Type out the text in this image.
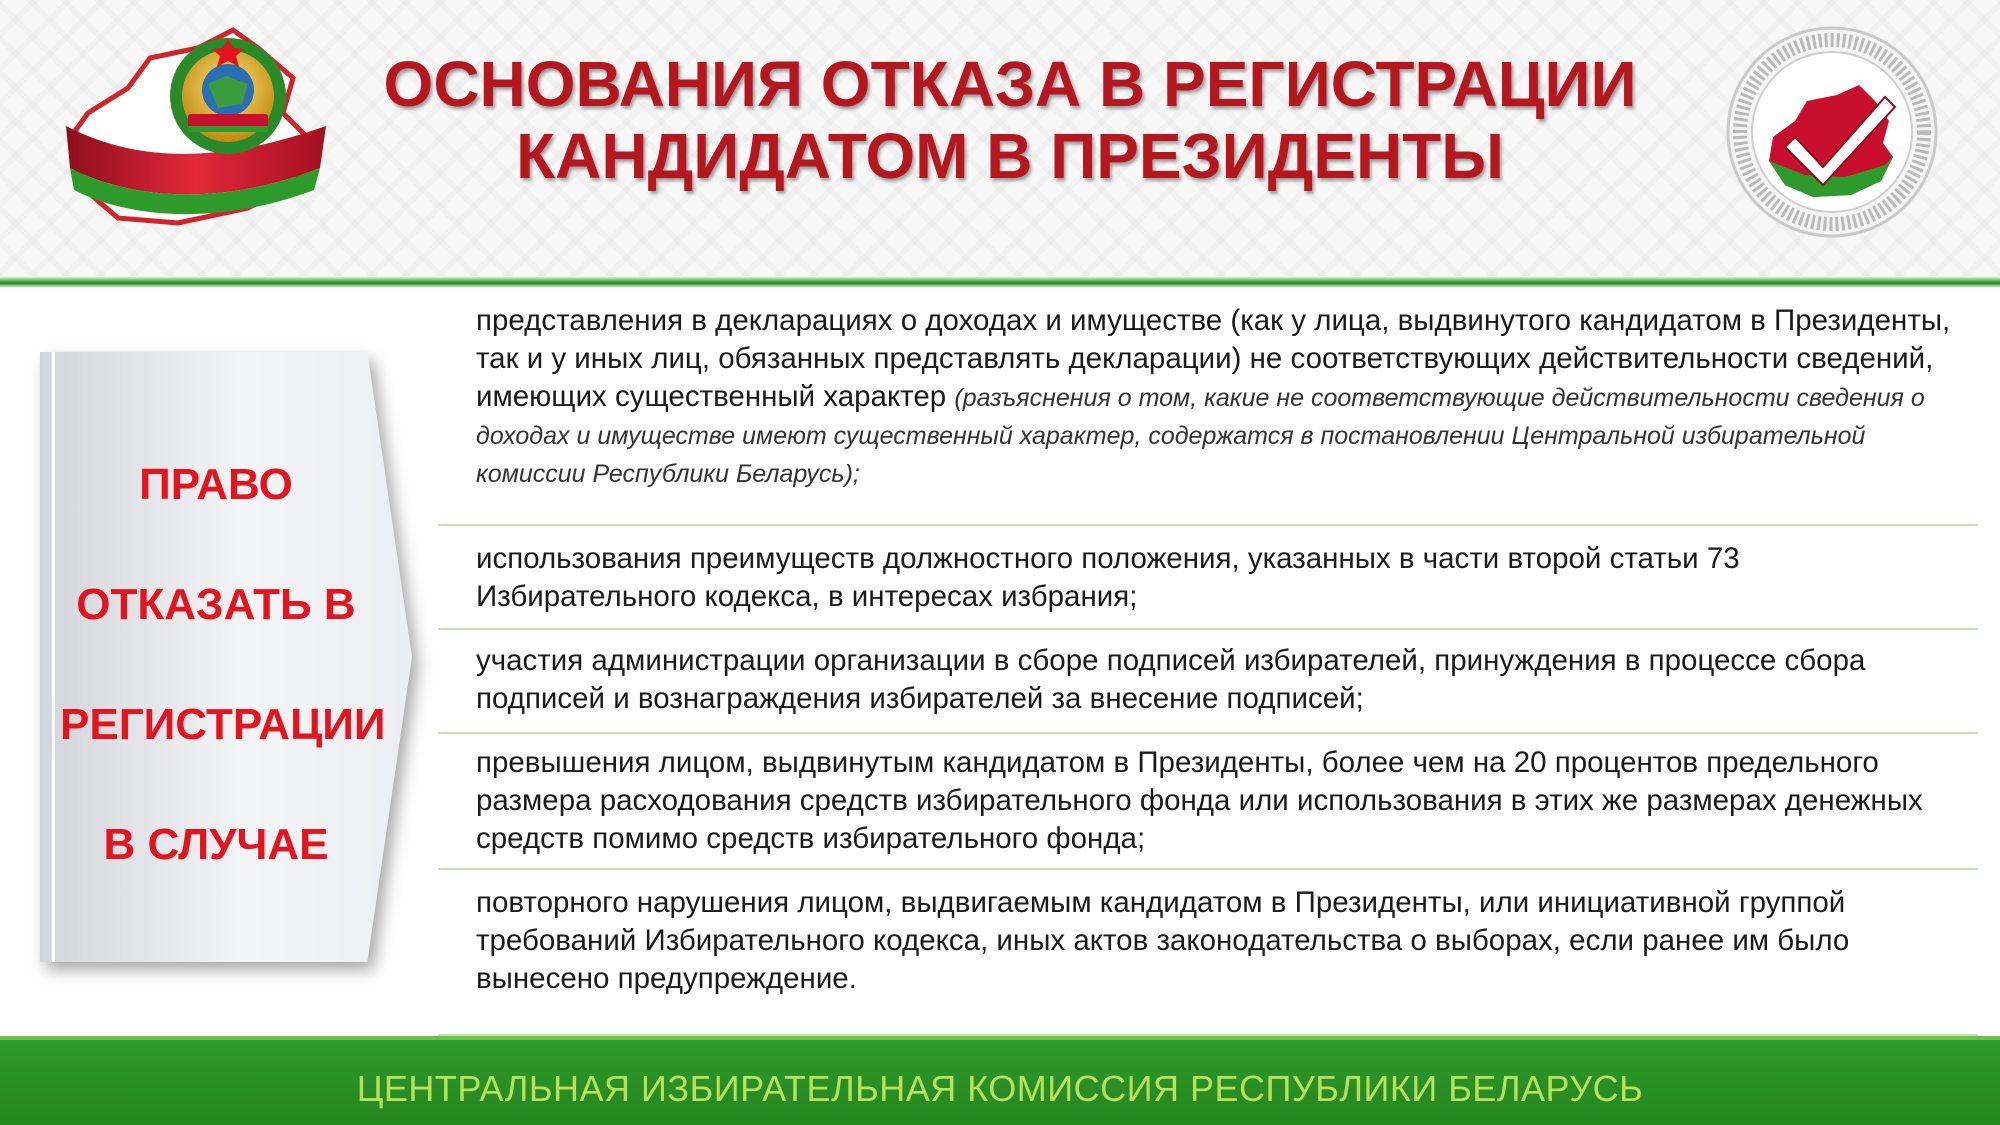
ОСНОВАНИЯ ОТКАЗА В РЕГИСТРАЦИИ
КАНДИДАТОМ В ПРЕЗИДЕНТЫ
ПРАВО
ОТКАЗАТЬ В
РЕГИСТРАЦИИ
В СЛУЧАЕ
представления в декларациях о доходах и имуществе (как у лица, выдвинутого кандидатом в Президенты, так и у иных лиц, обязанных представлять декларации) не соответствующих действительности сведений, имеющих существенный характер (разъяснения о том, какие не соответствующие действительности сведения о доходах и имуществе имеют существенный характер, содержатся в постановлении Центральной избирательной комиссии Республики Беларусь);
использования преимуществ должностного положения, указанных в части второй статьи 73 Избирательного кодекса, в интересах избрания;
участия администрации организации в сборе подписей избирателей, принуждения в процессе сбора подписей и вознаграждения избирателей за внесение подписей;
превышения лицом, выдвинутым кандидатом в Президенты, более чем на 20 процентов предельного размера расходования средств избирательного фонда или использования в этих же размерах денежных средств помимо средств избирательного фонда;
повторного нарушения лицом, выдвигаемым кандидатом в Президенты, или инициативной группой требований Избирательного кодекса, иных актов законодательства о выборах, если ранее им было вынесено предупреждение.
ЦЕНТРАЛЬНАЯ ИЗБИРАТЕЛЬНАЯ КОМИССИЯ РЕСПУБЛИКИ БЕЛАРУСЬ
